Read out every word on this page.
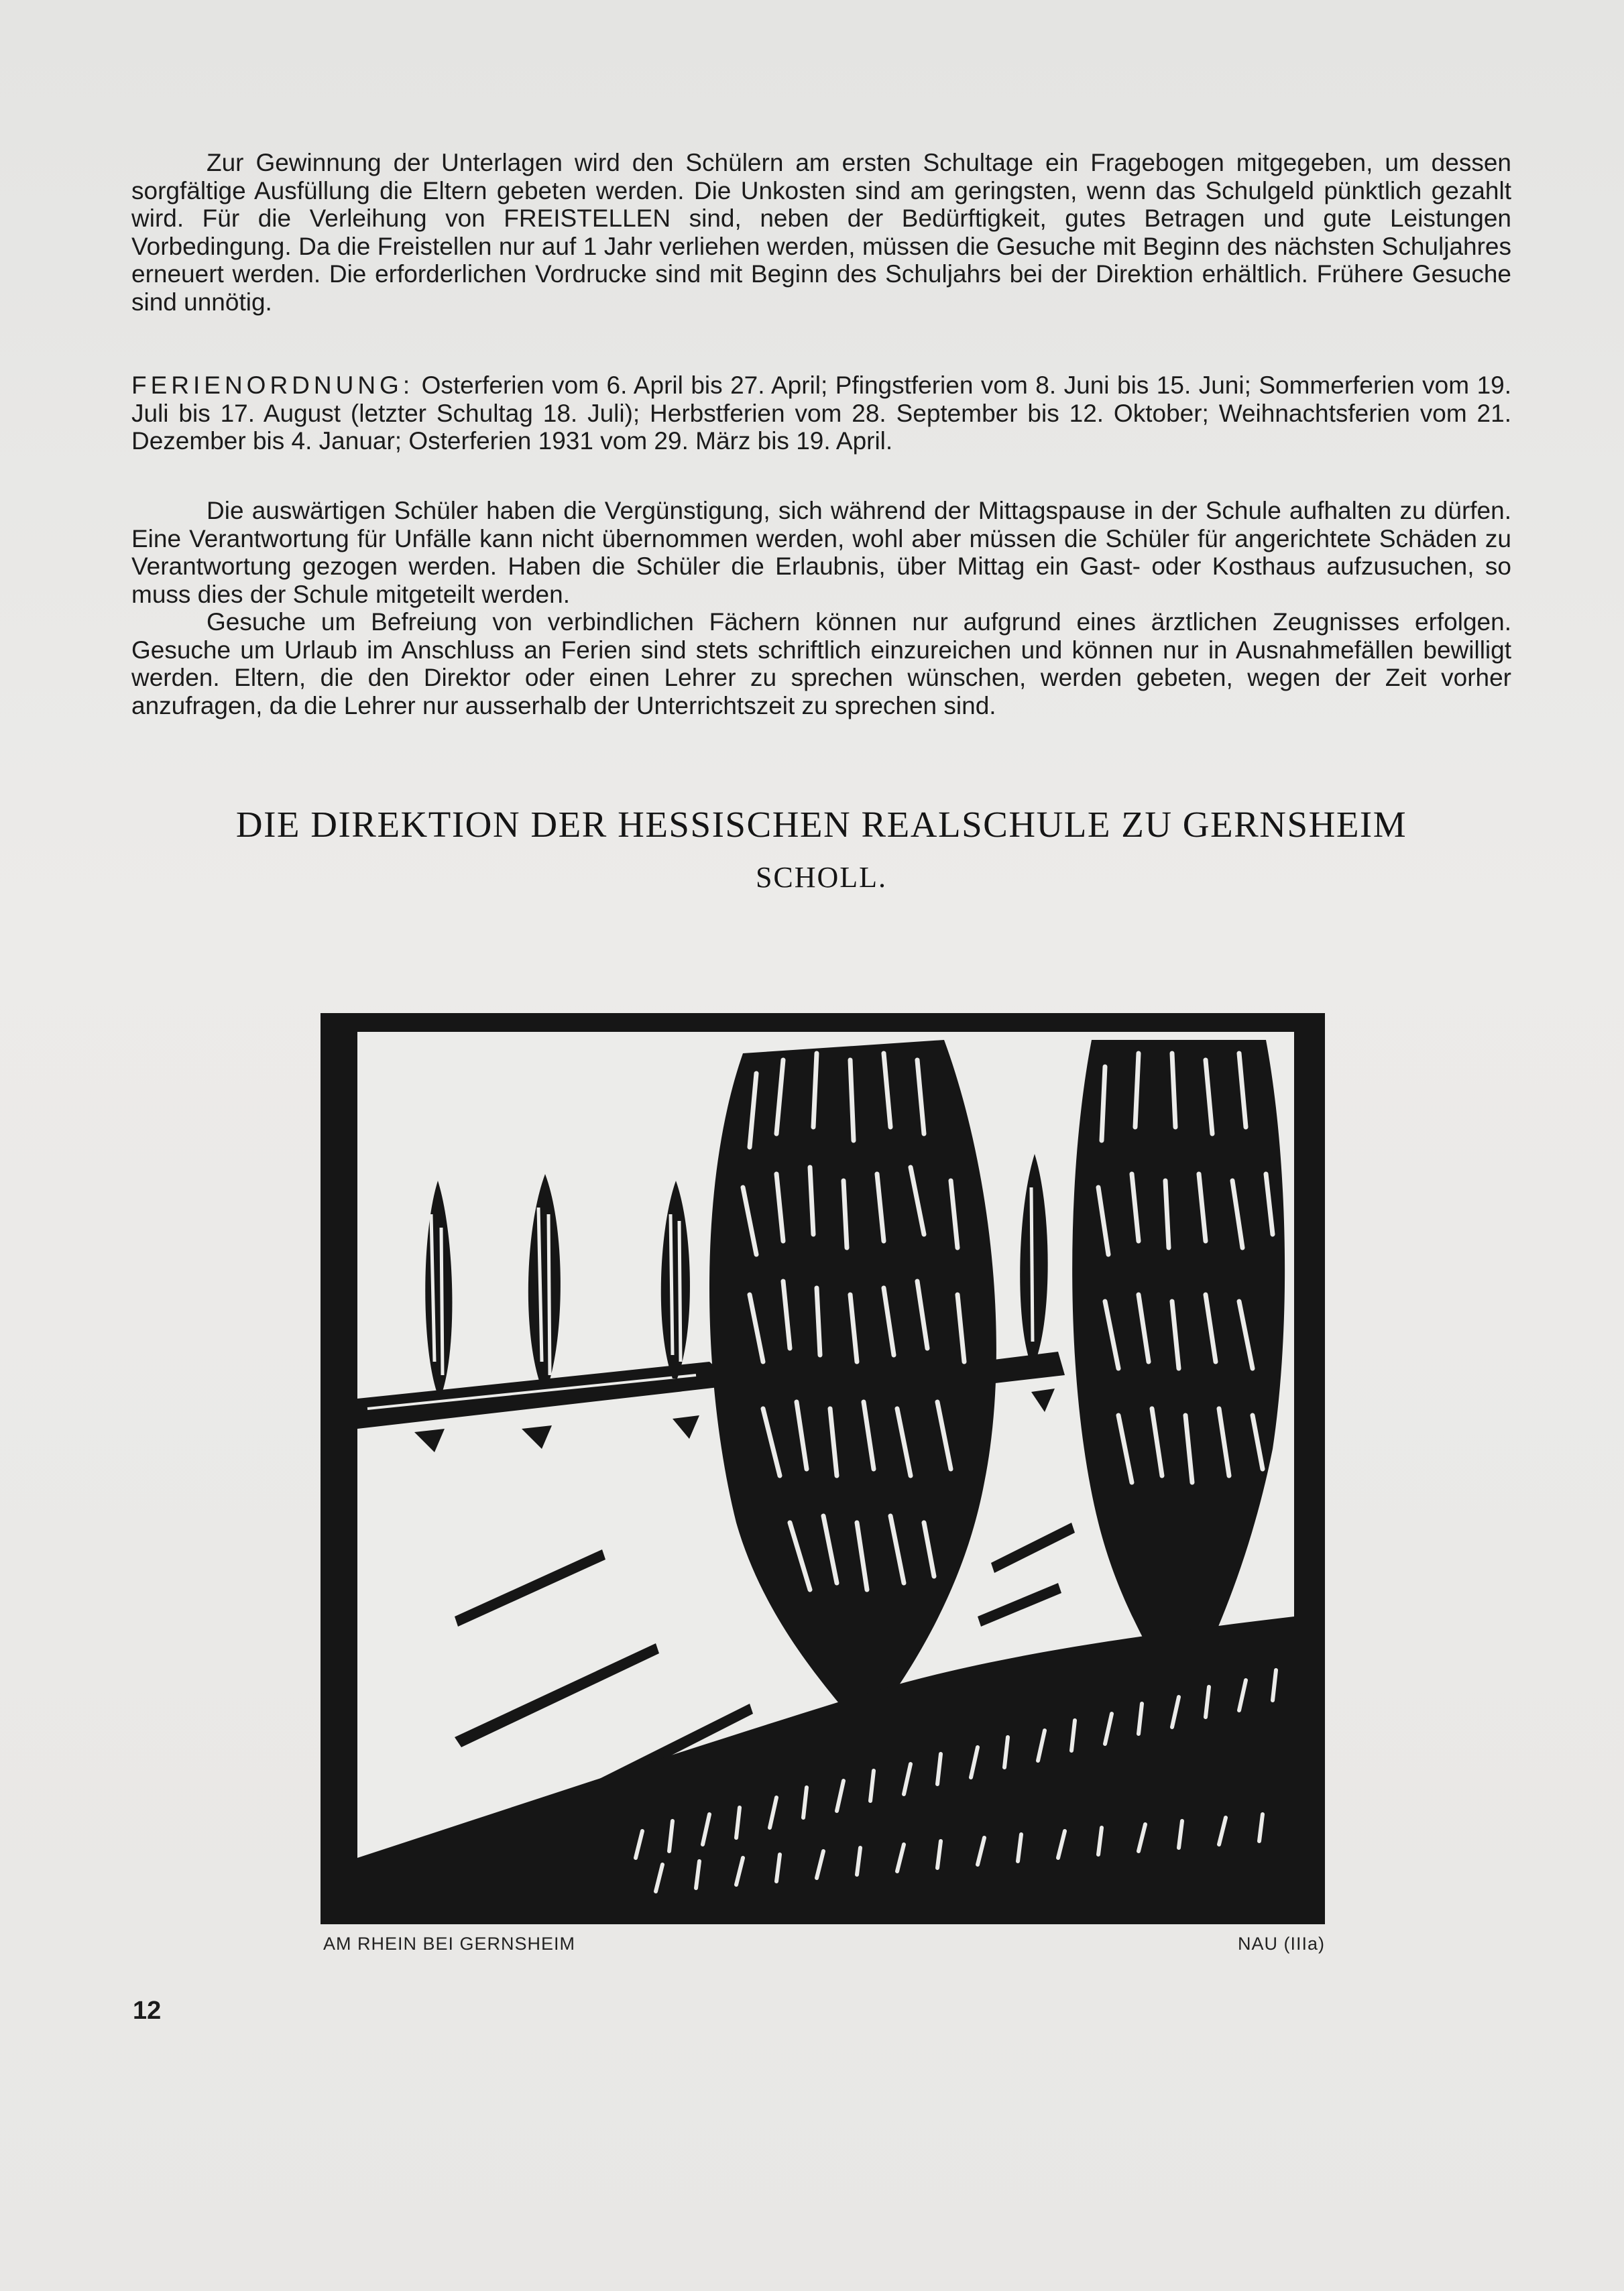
Zur Gewinnung der Unterlagen wird den Schülern am ersten Schultage ein Fragebogen mitgegeben, um dessen sorgfältige Ausfüllung die Eltern gebeten werden. Die Unkosten sind am geringsten, wenn das Schulgeld pünktlich gezahlt wird. Für die Verleihung von FREISTELLEN sind, neben der Bedürftigkeit, gutes Betragen und gute Leistungen Vorbedingung. Da die Freistellen nur auf 1 Jahr verliehen werden, müssen die Gesuche mit Beginn des nächsten Schuljahres erneuert werden. Die erforderlichen Vordrucke sind mit Beginn des Schuljahrs bei der Direktion erhältlich. Frühere Gesuche sind unnötig.

FERIENORDNUNG: Osterferien vom 6. April bis 27. April; Pfingstferien vom 8. Juni bis 15. Juni; Sommerferien vom 19. Juli bis 17. August (letzter Schultag 18. Juli); Herbstferien vom 28. September bis 12. Oktober; Weihnachtsferien vom 21. Dezember bis 4. Januar; Osterferien 1931 vom 29. März bis 19. April.

Die auswärtigen Schüler haben die Vergünstigung, sich während der Mittagspause in der Schule aufhalten zu dürfen. Eine Verantwortung für Unfälle kann nicht übernommen werden, wohl aber müssen die Schüler für angerichtete Schäden zu Verantwortung gezogen werden. Haben die Schüler die Erlaubnis, über Mittag ein Gast- oder Kosthaus aufzusuchen, so muss dies der Schule mitgeteilt werden.

Gesuche um Befreiung von verbindlichen Fächern können nur aufgrund eines ärztlichen Zeugnisses erfolgen. Gesuche um Urlaub im Anschluss an Ferien sind stets schriftlich einzureichen und können nur in Ausnahmefällen bewilligt werden. Eltern, die den Direktor oder einen Lehrer zu sprechen wünschen, werden gebeten, wegen der Zeit vorher anzufragen, da die Lehrer nur ausserhalb der Unterrichtszeit zu sprechen sind.

DIE DIREKTION DER HESSISCHEN REALSCHULE ZU GERNSHEIM
SCHOLL.
AM RHEIN BEI GERNSHEIM	NAU (IIIa)
12
